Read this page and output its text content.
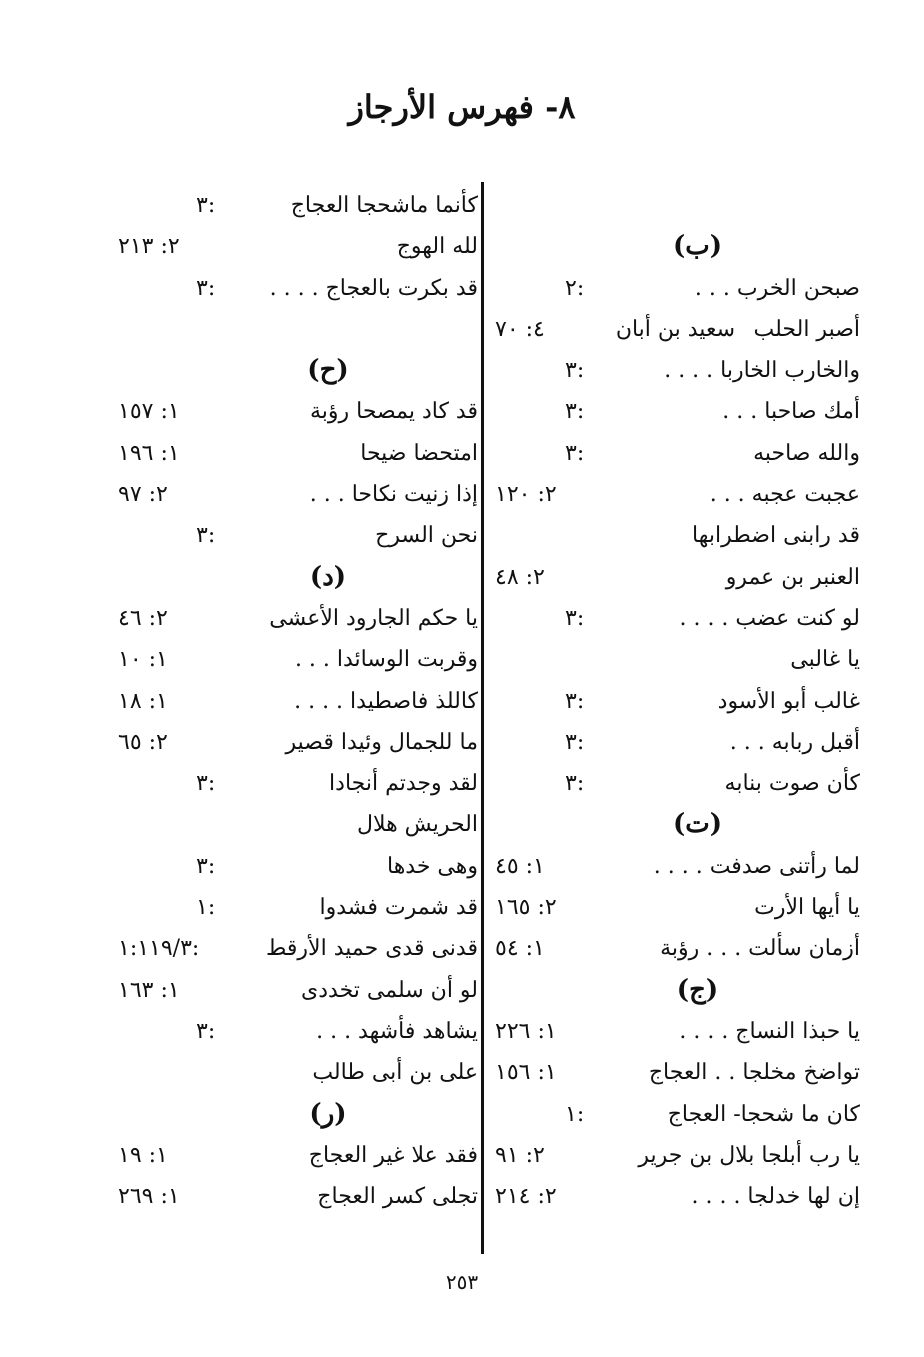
٨- فهرس الأرجاز
(ب)
صبحن الخرب . . .
٢:
أصبر الحلب
سعيد بن أبان
٤: ٧٠
والخارب الخاربا . . . .
٣:
أمك صاحبا . . .
٣:
والله صاحبه
٣:
عجبت عجبه . . .
٢: ١٢٠
قد رابنى اضطرابها
العنبر بن عمرو
٢: ٤٨
لو كنت عضب . . . .
٣:
يا غالبى
غالب أبو الأسود
٣:
أقبل ربابه . . .
٣:
كأن صوت بنابه
٣:
(ت)
لما رأتنى صدفت . . . .
١: ٤٥
يا أيها الأرت
٢: ١٦٥
أزمان سألت . . . رؤبة
١: ٥٤
(ج)
يا حبذا النساج . . . .
١: ٢٢٦
تواضخ مخلجا . . العجاج
١: ١٥٦
كان ما شحجا- العجاج
١:
يا رب أبلجا بلال بن جرير
٢: ٩١
إن لها خدلجا . . . .
٢: ٢١٤
كأنما ماشحجا العجاج
٣:
لله الهوج
٢: ٢١٣
قد بكرت بالعجاج . . . .
٣:
(ح)
قد كاد يمصحا رؤبة
١: ١٥٧
امتحضا ضيحا
١: ١٩٦
إذا زنيت نكاحا . . .
٢: ٩٧
نحن السرح
٣:
(د)
يا حكم الجارود الأعشى
٢: ٤٦
وقربت الوسائدا . . .
١: ١٠
كاللذ فاصطيدا . . . .
١: ١٨
ما للجمال وئيدا قصير
٢: ٦٥
لقد وجدتم أنجادا
٣:
الحريش هلال
وهى خدها
٣:
قد شمرت فشدوا
١:
قدنى قدى حميد الأرقط
١:١١٩/٣:
لو أن سلمى تخددى
١: ١٦٣
يشاهد فأشهد . . .
٣:
على بن أبى طالب
(ر)
فقد علا غير العجاج
١: ١٩
تجلى كسر العجاج
١: ٢٦٩
٢٥٣
